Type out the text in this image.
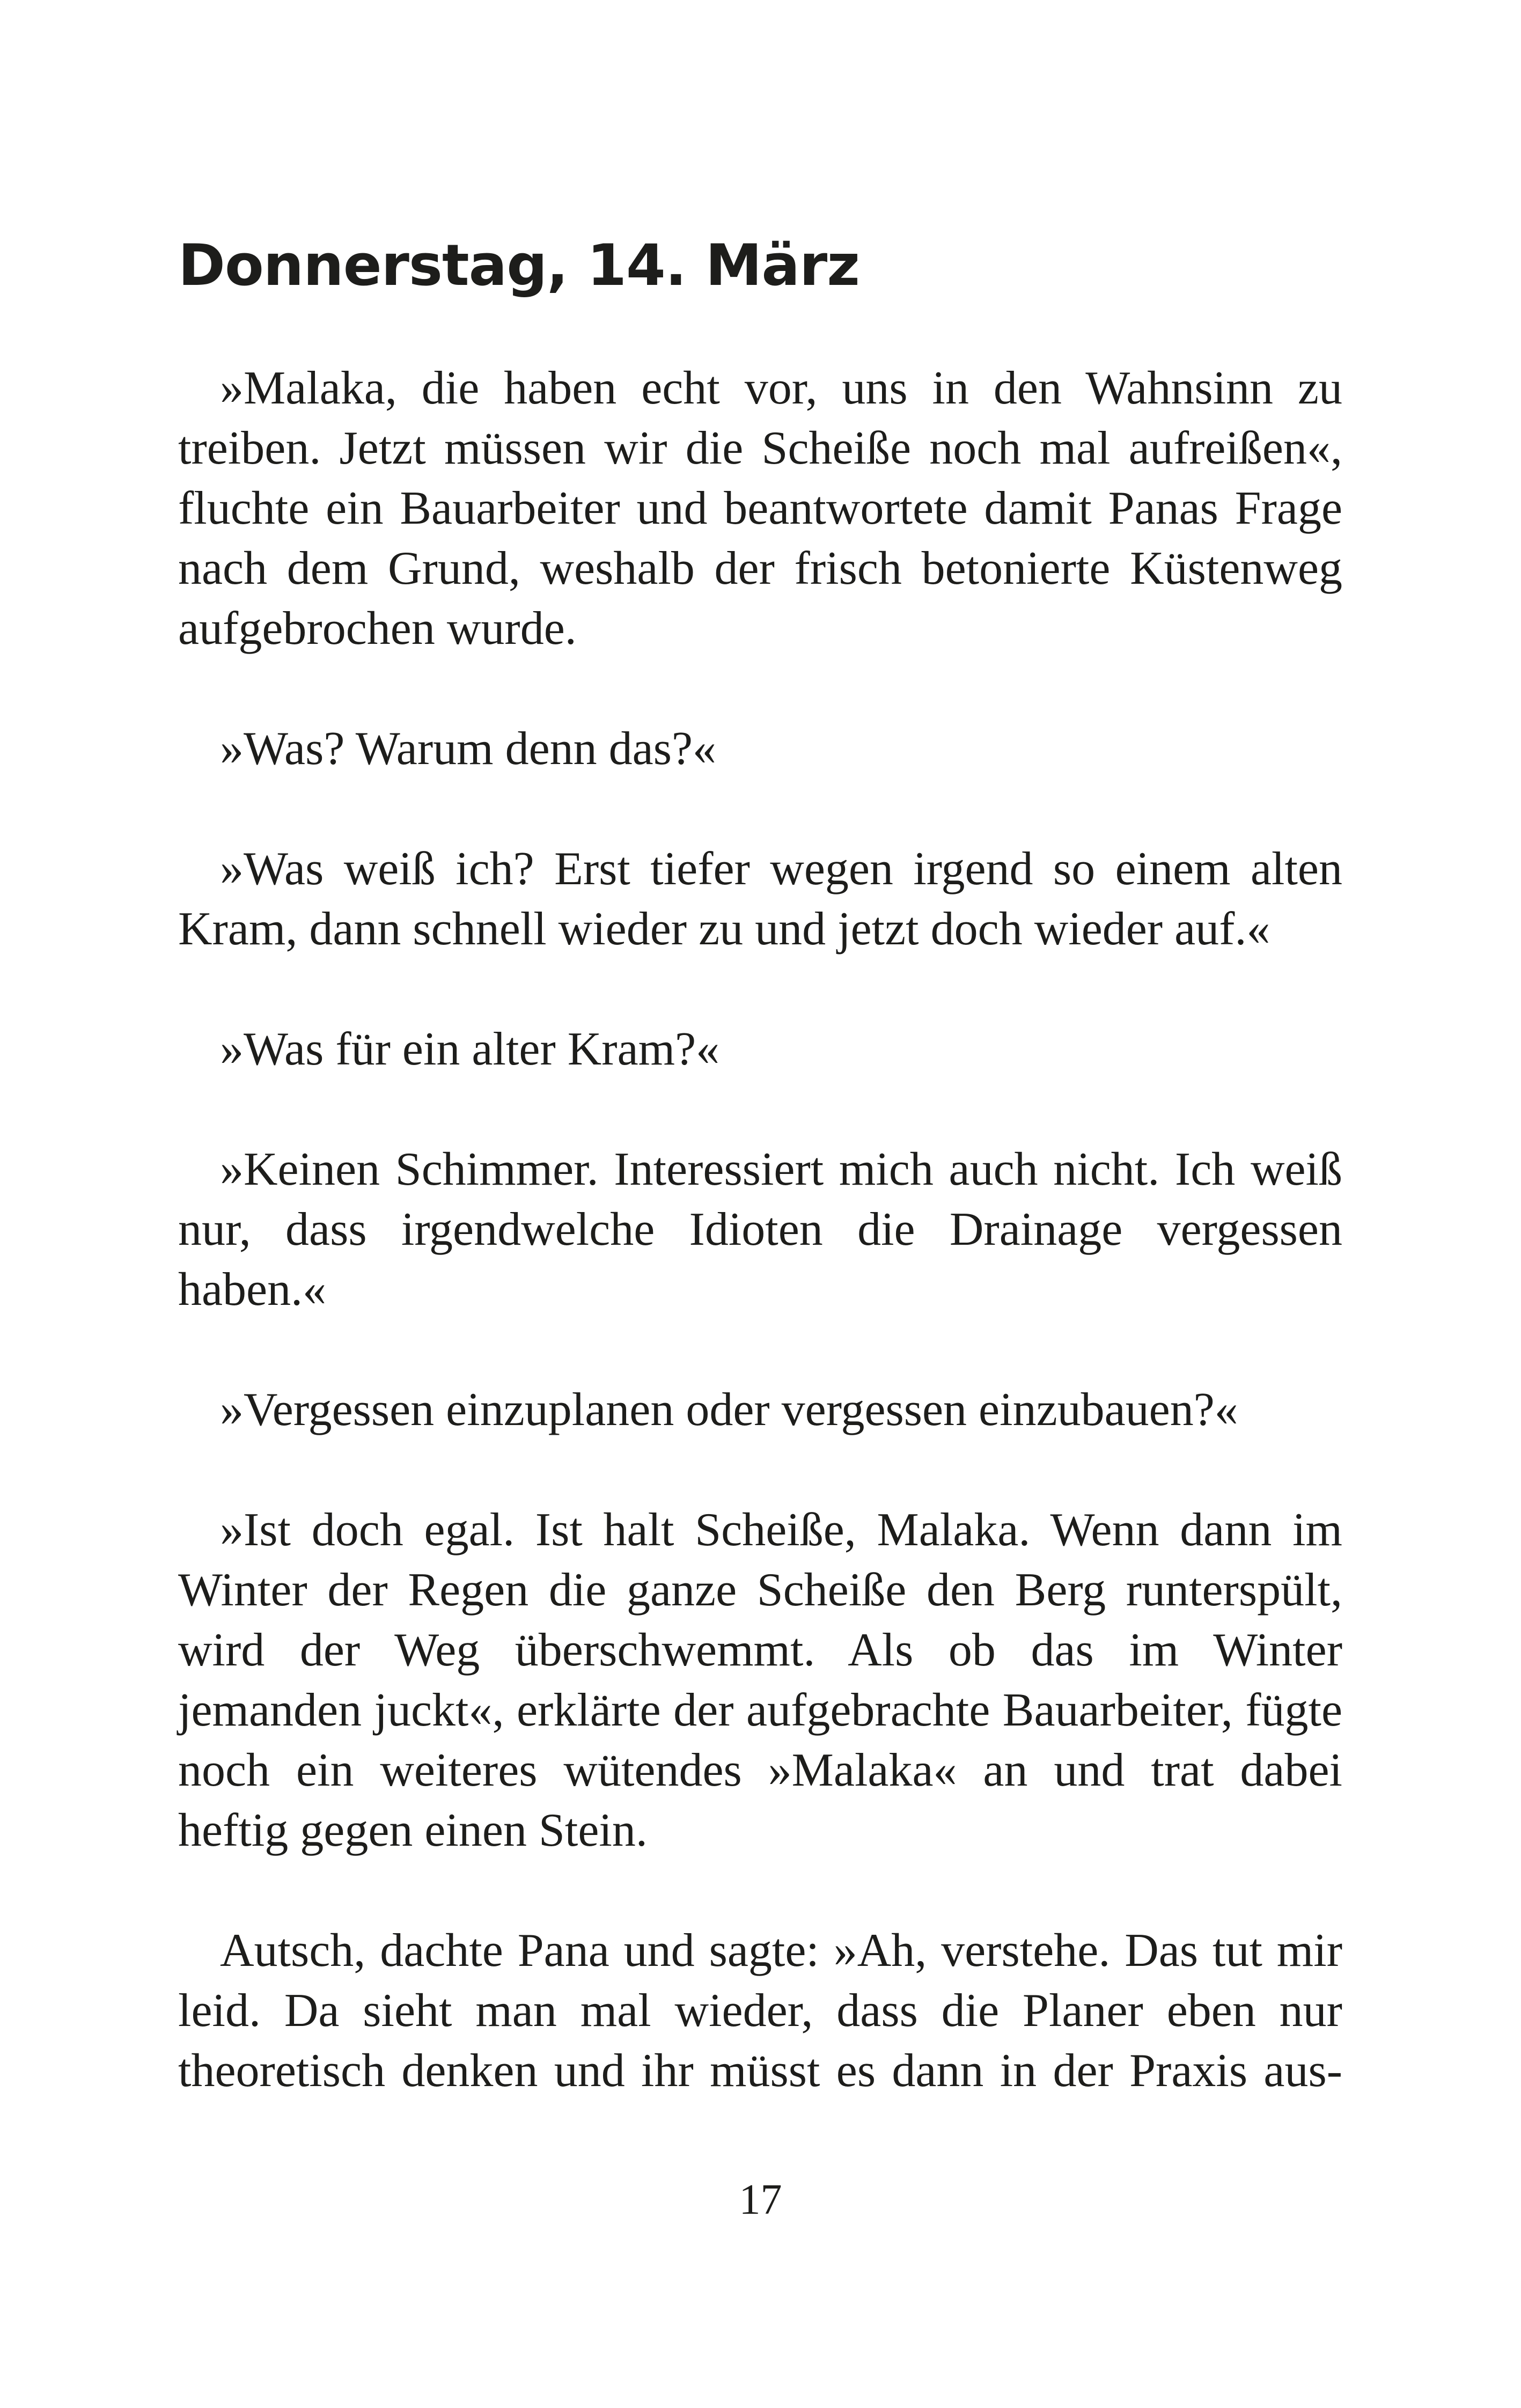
Donnerstag, 14. März

»Malaka, die haben echt vor, uns in den Wahnsinn zu treiben. Jetzt müssen wir die Scheiße noch mal aufreißen«, fluchte ein Bauarbeiter und beantwortete damit Panas Frage nach dem Grund, weshalb der frisch betonierte Küstenweg aufgebrochen wurde.

»Was? Warum denn das?«

»Was weiß ich? Erst tiefer wegen irgend so einem alten Kram, dann schnell wieder zu und jetzt doch wieder auf.«

»Was für ein alter Kram?«

»Keinen Schimmer. Interessiert mich auch nicht. Ich weiß nur, dass irgendwelche Idioten die Drainage vergessen haben.«

»Vergessen einzuplanen oder vergessen einzubauen?«

»Ist doch egal. Ist halt Scheiße, Malaka. Wenn dann im Winter der Regen die ganze Scheiße den Berg runterspült, wird der Weg überschwemmt. Als ob das im Winter jemanden juckt«, erklärte der aufgebrachte Bauarbeiter, fügte noch ein weiteres wütendes »Malaka« an und trat dabei heftig gegen einen Stein.

Autsch, dachte Pana und sagte: »Ah, verstehe. Das tut mir leid. Da sieht man mal wieder, dass die Planer eben nur theoretisch denken und ihr müsst es dann in der Praxis aus-

17
